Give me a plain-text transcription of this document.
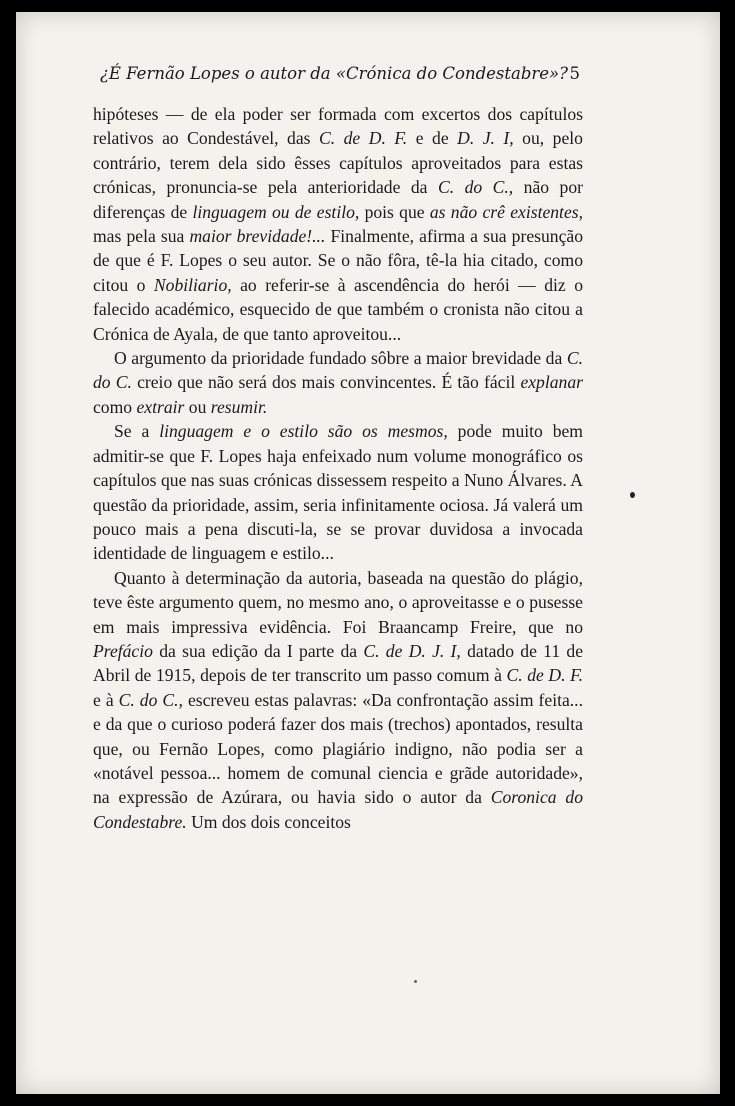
¿É Fernão Lopes o autor da «Crónica do Condestabre»? 5

hipóteses — de ela poder ser formada com excertos dos capítulos relativos ao Condestável, das C. de D. F. e de D. J. I, ou, pelo contrário, terem dela sido êsses capítulos aproveitados para estas crónicas, pronuncia-se pela anterioridade da C. do C., não por diferenças de linguagem ou de estilo, pois que as não crê existentes, mas pela sua maior brevidade!... Finalmente, afirma a sua presunção de que é F. Lopes o seu autor. Se o não fôra, tê-la hia citado, como citou o Nobiliario, ao referir-se à ascendência do herói — diz o falecido académico, esquecido de que também o cronista não citou a Crónica de Ayala, de que tanto aproveitou...

O argumento da prioridade fundado sôbre a maior brevidade da C. do C. creio que não será dos mais convincentes. É tão fácil explanar como extrair ou resumir.

Se a linguagem e o estilo são os mesmos, pode muito bem admitir-se que F. Lopes haja enfeixado num volume monográfico os capítulos que nas suas crónicas dissessem respeito a Nuno Álvares. A questão da prioridade, assim, seria infinitamente ociosa. Já valerá um pouco mais a pena discuti-la, se se provar duvidosa a invocada identidade de linguagem e estilo...

Quanto à determinação da autoria, baseada na questão do plágio, teve êste argumento quem, no mesmo ano, o aproveitasse e o pusesse em mais impressiva evidência. Foi Braancamp Freire, que no Prefácio da sua edição da I parte da C. de D. J. I, datado de 11 de Abril de 1915, depois de ter transcrito um passo comum à C. de D. F. e à C. do C., escreveu estas palavras: «Da confrontação assim feita... e da que o curioso poderá fazer dos mais (trechos) apontados, resulta que, ou Fernão Lopes, como plagiário indigno, não podia ser a «notável pessoa... homem de comunal ciencia e grãde autoridade», na expressão de Azúrara, ou havia sido o autor da Coronica do Condestabre. Um dos dois conceitos
